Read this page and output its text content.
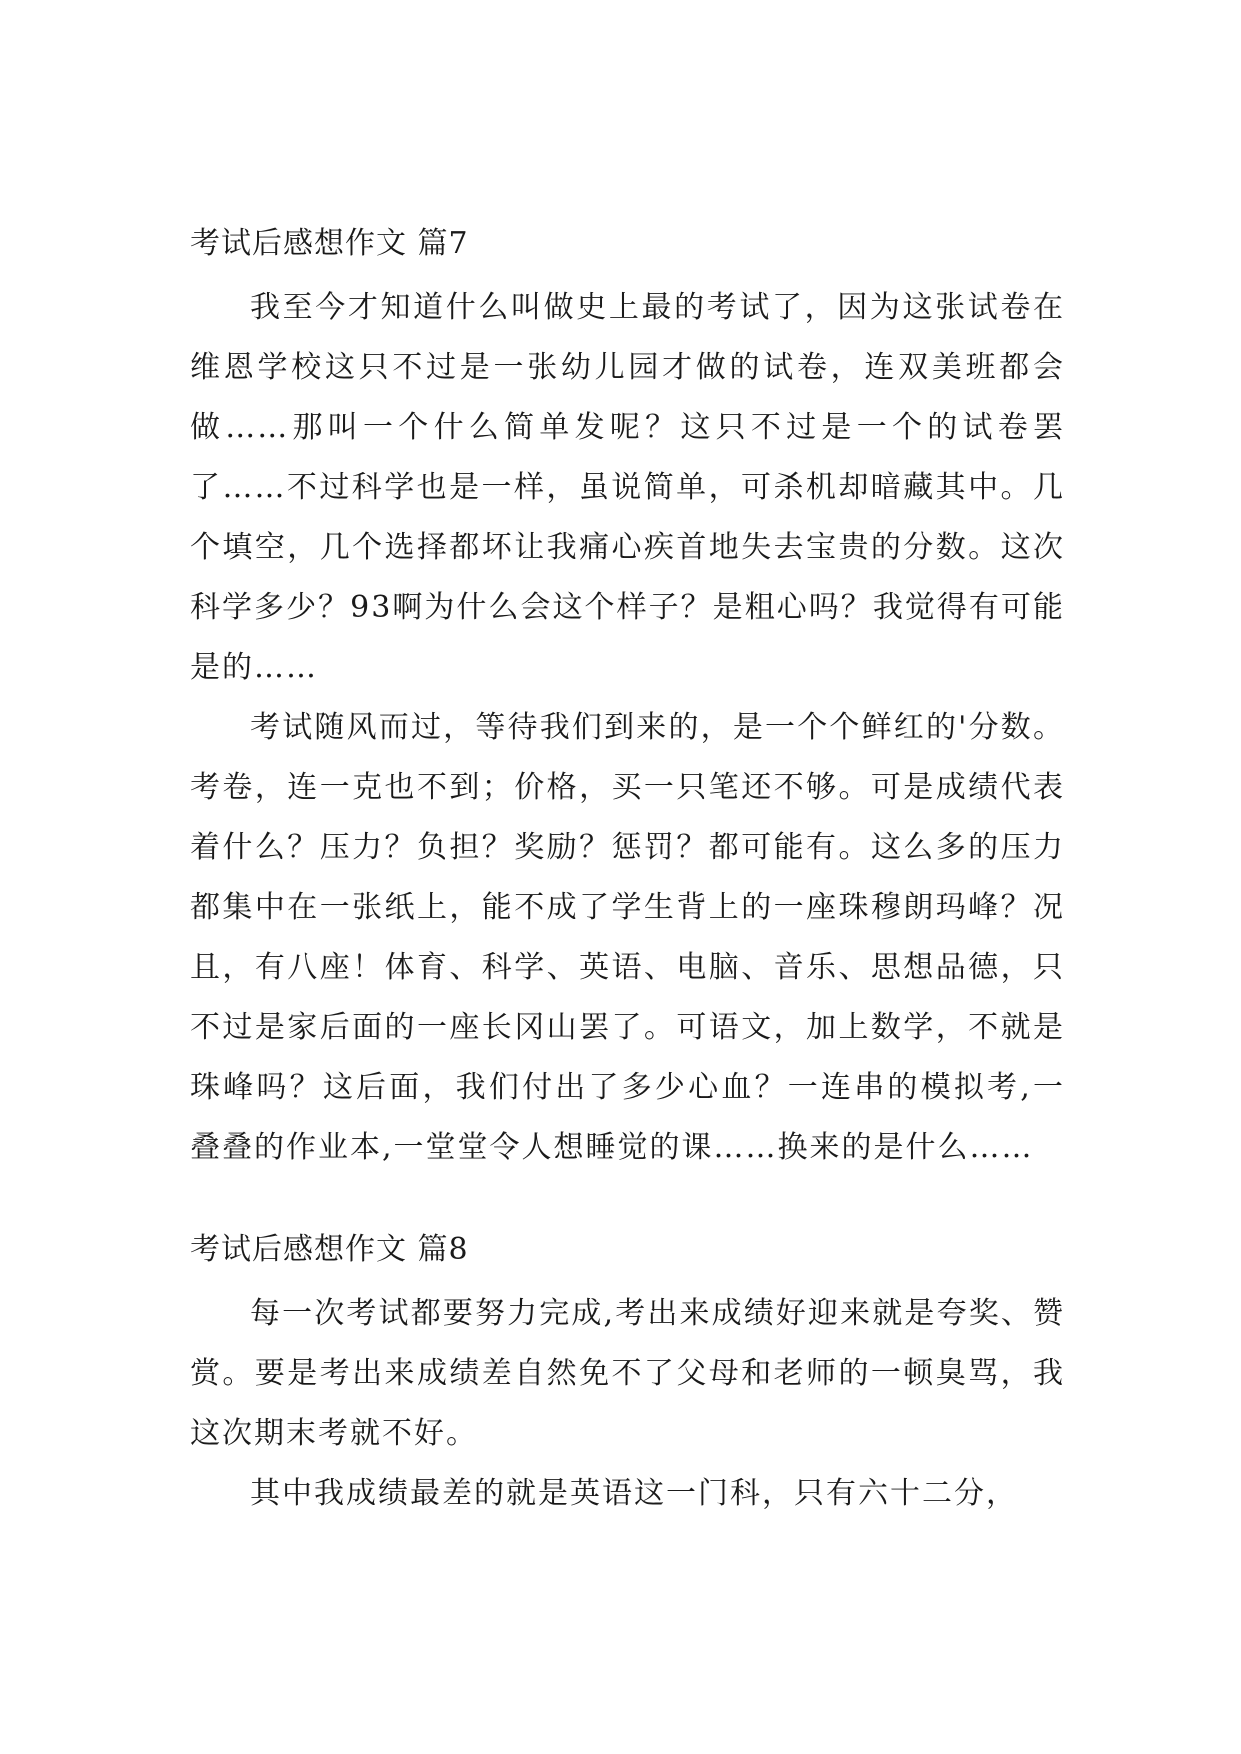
考试后感想作文 篇7

我至今才知道什么叫做史上最的考试了，因为这张试卷在维恩学校这只不过是一张幼儿园才做的试卷，连双美班都会做……那叫一个什么简单发呢？这只不过是一个的试卷罢了……不过科学也是一样，虽说简单，可杀机却暗藏其中。几个填空，几个选择都坏让我痛心疾首地失去宝贵的分数。这次科学多少？93啊为什么会这个样子？是粗心吗？我觉得有可能是的……

考试随风而过，等待我们到来的，是一个个鲜红的'分数。考卷，连一克也不到；价格，买一只笔还不够。可是成绩代表着什么？压力？负担？奖励？惩罚？都可能有。这么多的压力都集中在一张纸上，能不成了学生背上的一座珠穆朗玛峰？况且，有八座！体育、科学、英语、电脑、音乐、思想品德，只不过是家后面的一座长冈山罢了。可语文，加上数学，不就是珠峰吗？这后面，我们付出了多少心血？一连串的模拟考,一叠叠的作业本,一堂堂令人想睡觉的课……换来的是什么……

考试后感想作文 篇8

每一次考试都要努力完成,考出来成绩好迎来就是夸奖、赞赏。要是考出来成绩差自然免不了父母和老师的一顿臭骂，我这次期末考就不好。

其中我成绩最差的就是英语这一门科，只有六十二分，
